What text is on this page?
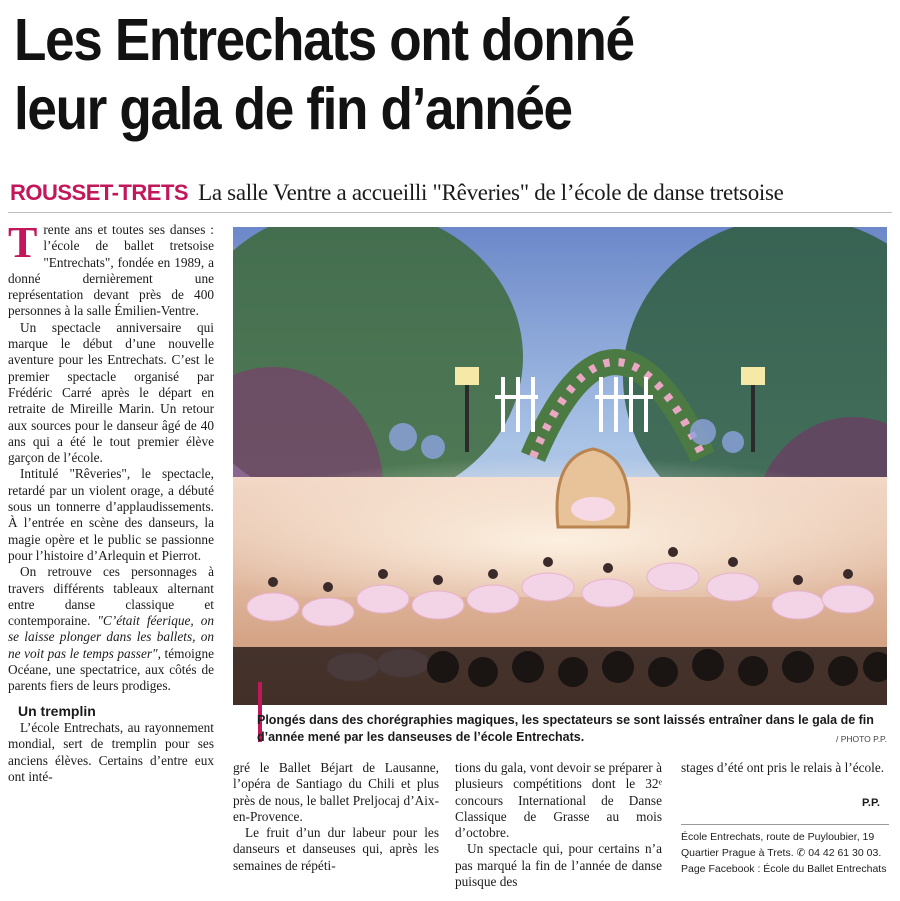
Les Entrechats ont donné
leur gala de fin d’année
ROUSSET-TRETS La salle Ventre a accueilli "Rêveries" de l’école de danse tretsoise

Trente ans et toutes ses danses : l’école de ballet tretsoise "Entrechats", fondée en 1989, a donné dernièrement une représentation devant près de 400 personnes à la salle Émilien-Ventre.

Un spectacle anniversaire qui marque le début d’une nouvelle aventure pour les Entrechats. C’est le premier spectacle organisé par Frédéric Carré après le départ en retraite de Mireille Marin. Un retour aux sources pour le danseur âgé de 40 ans qui a été le tout premier élève garçon de l’école.

Intitulé "Rêveries", le spectacle, retardé par un violent orage, a débuté sous un tonnerre d’applaudissements. À l’entrée en scène des danseurs, la magie opère et le public se passionne pour l’histoire d’Arlequin et Pierrot.

On retrouve ces personnages à travers différents tableaux alternant entre danse classique et contemporaine. "C’était féerique, on se laisse plonger dans les ballets, on ne voit pas le temps passer", témoigne Océane, une spectatrice, aux côtés de parents fiers de leurs prodiges.

Un tremplin

L’école Entrechats, au rayonnement mondial, sert de tremplin pour ses anciens élèves. Certains d’entre eux ont inté-

Plongés dans des chorégraphies magiques, les spectateurs se sont laissés entraîner dans le gala de fin d’année mené par les danseuses de l’école Entrechats.	/ PHOTO P.P.

gré le Ballet Béjart de Lausanne, l’opéra de Santiago du Chili et plus près de nous, le ballet Preljocaj d’Aix-en-Provence.

Le fruit d’un dur labeur pour les danseurs et danseuses qui, après les semaines de répéti-

tions du gala, vont devoir se préparer à plusieurs compétitions dont le 32ᵉ concours International de Danse Classique de Grasse au mois d’octobre.

Un spectacle qui, pour certains n’a pas marqué la fin de l’année de danse puisque des

stages d’été ont pris le relais à l’école.

P.P.
École Entrechats, route de Puyloubier, 19 Quartier Prague à Trets. ✆ 04 42 61 30 03. Page Facebook : École du Ballet Entrechats
